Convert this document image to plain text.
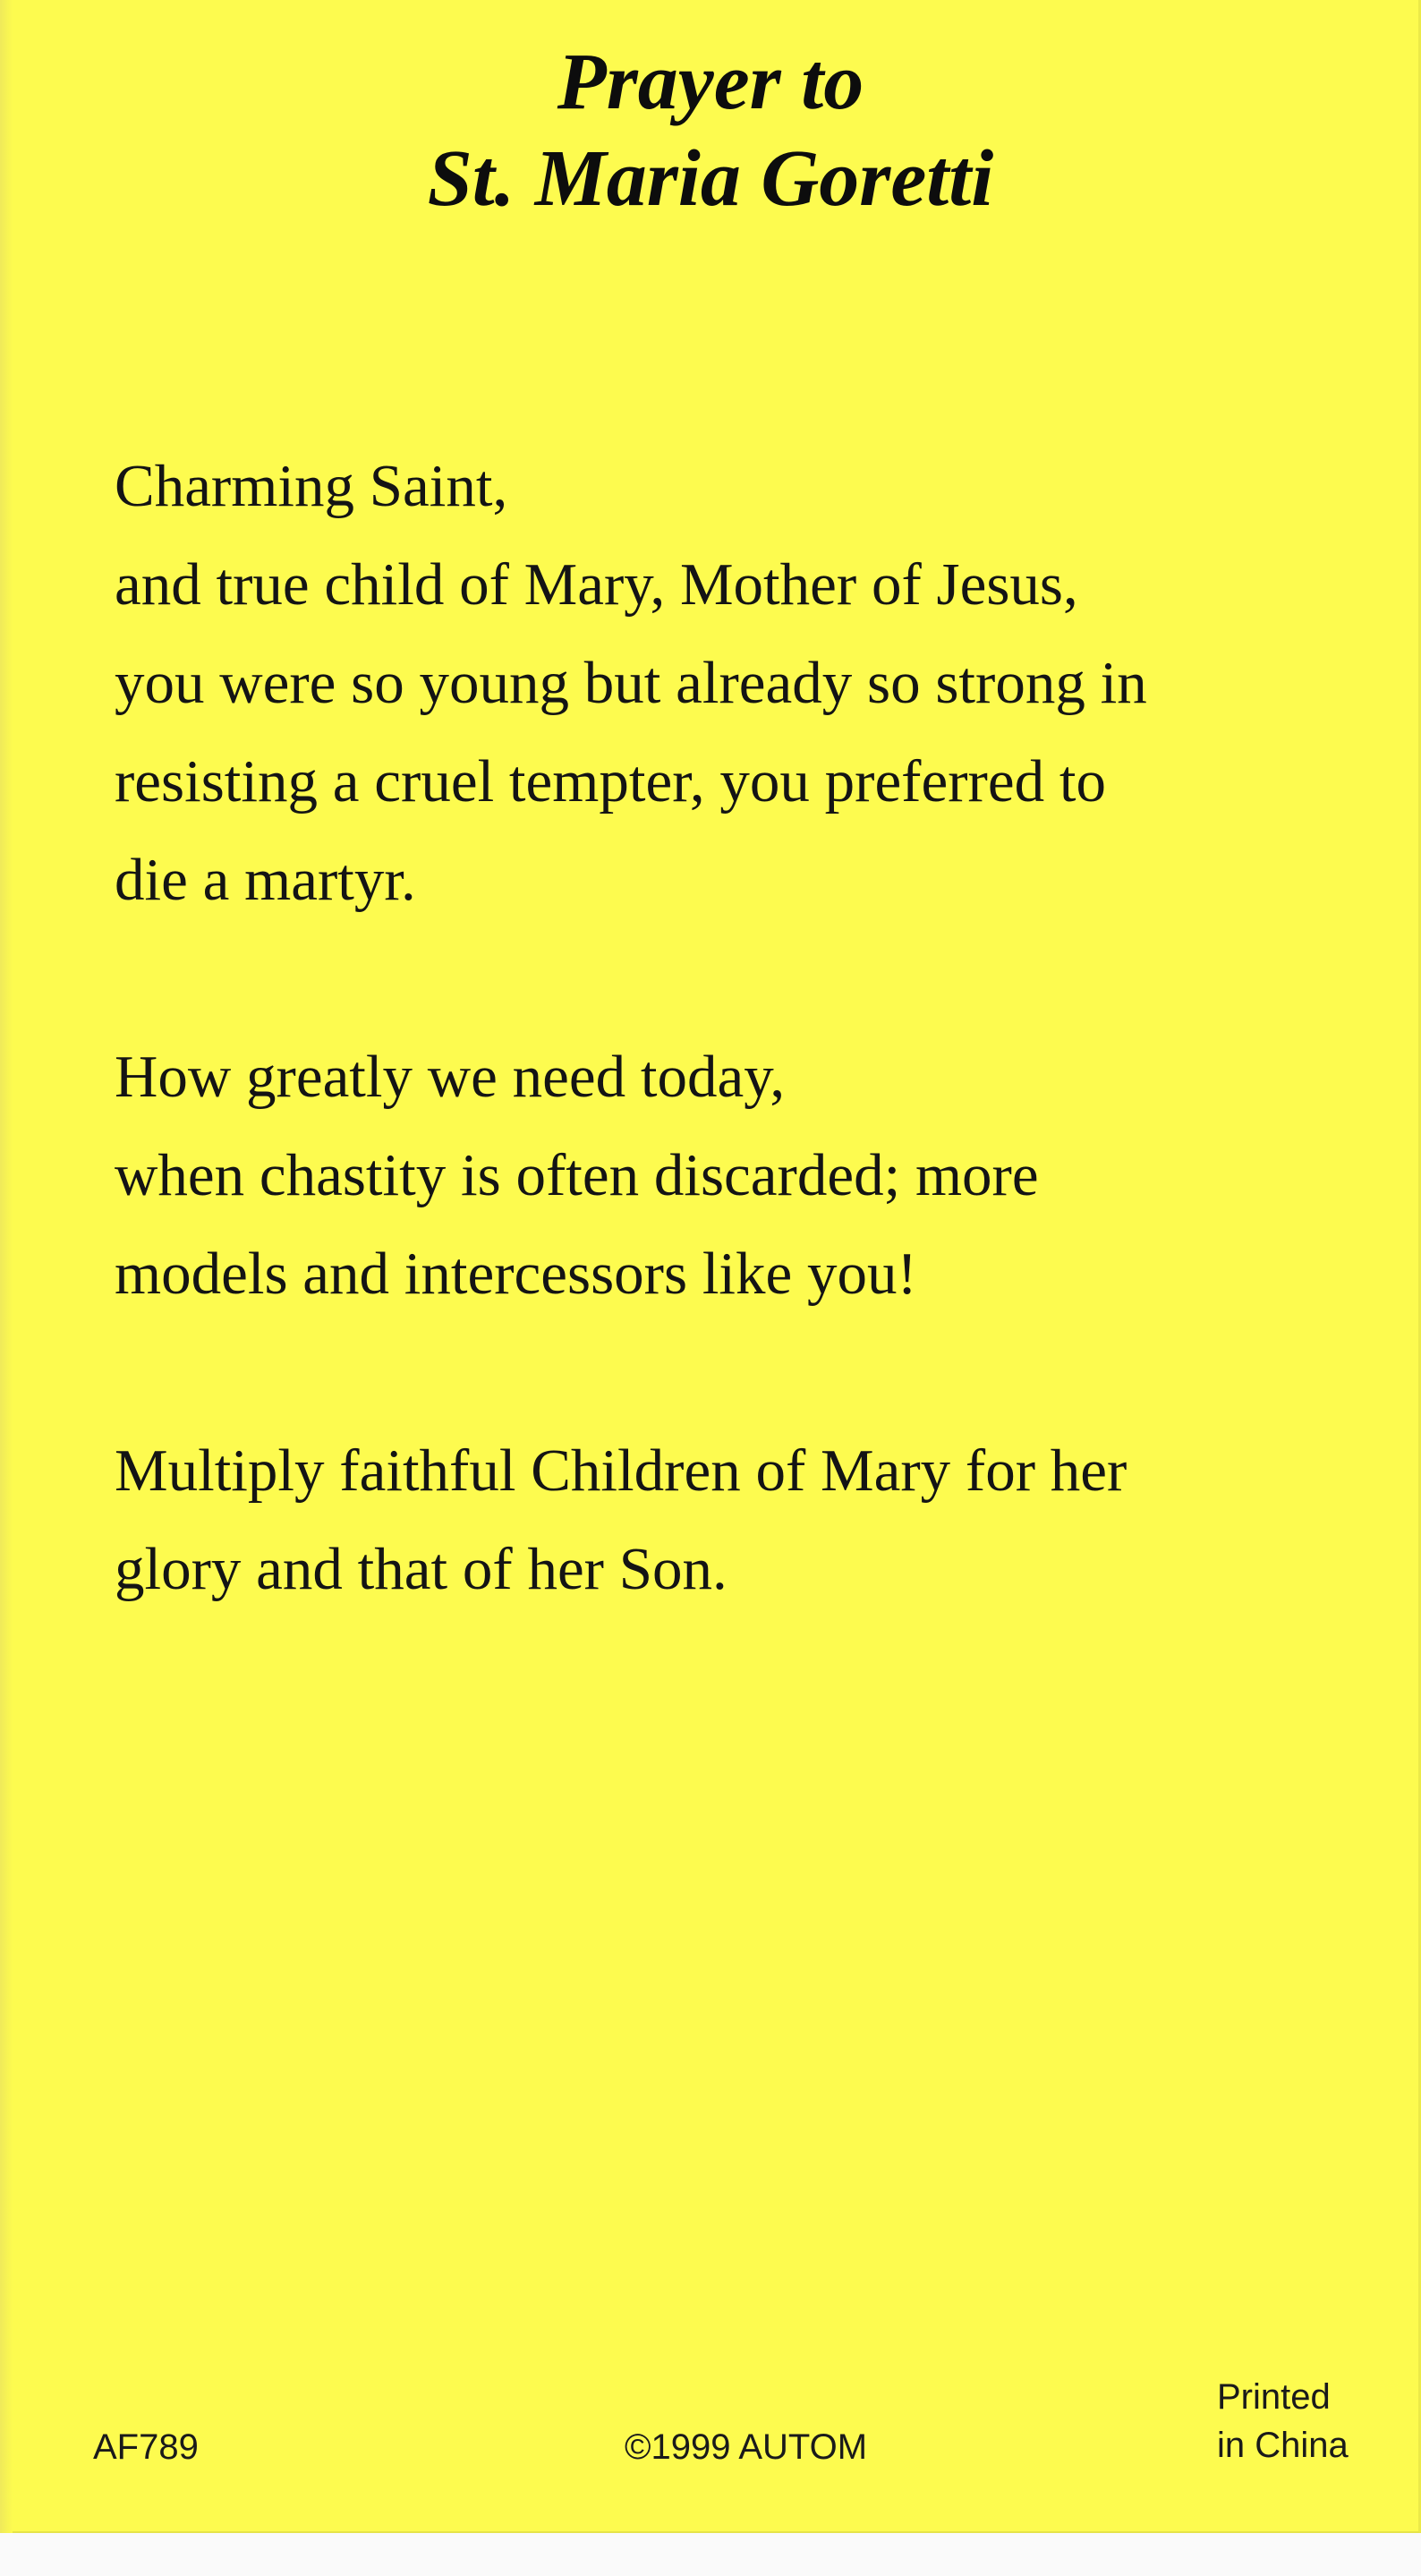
Prayer to
St. Maria Goretti

Charming Saint,
and true child of Mary, Mother of Jesus,
you were so young but already so strong in
resisting a cruel tempter, you preferred to
die a martyr.

How greatly we need today,
when chastity is often discarded; more
models and intercessors like you!

Multiply faithful Children of Mary for her
glory and that of her Son.

AF789	©1999 AUTOM
Printed
in China
